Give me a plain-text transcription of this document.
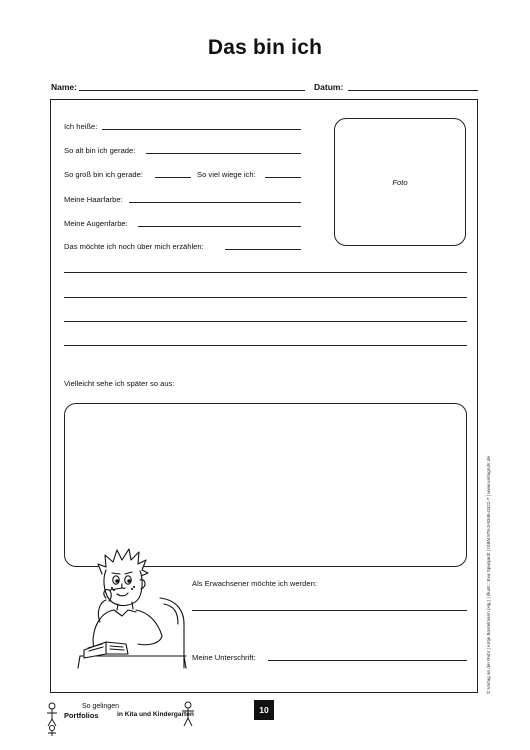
Das bin ich
Name:	Datum:
Ich heiße:
So alt bin ich gerade:
So groß bin ich gerade:	So viel wiege ich:
Meine Haarfarbe:
Meine Augenfarbe:
Das möchte ich noch über mich erzählen:
Foto
Vielleicht sehe ich später so aus:
Als Erwachsener möchte ich werden:
Meine Unterschrift:	© Verlag an der Ruhr | Antje Bostelmann (Hg.) | Illustr.: Eva Spanjardt | ISBN 978-3-8346-0322-7 | www.verlagruhr.de
So gelingen
Portfolios	in Kita und Kindergarten	10
